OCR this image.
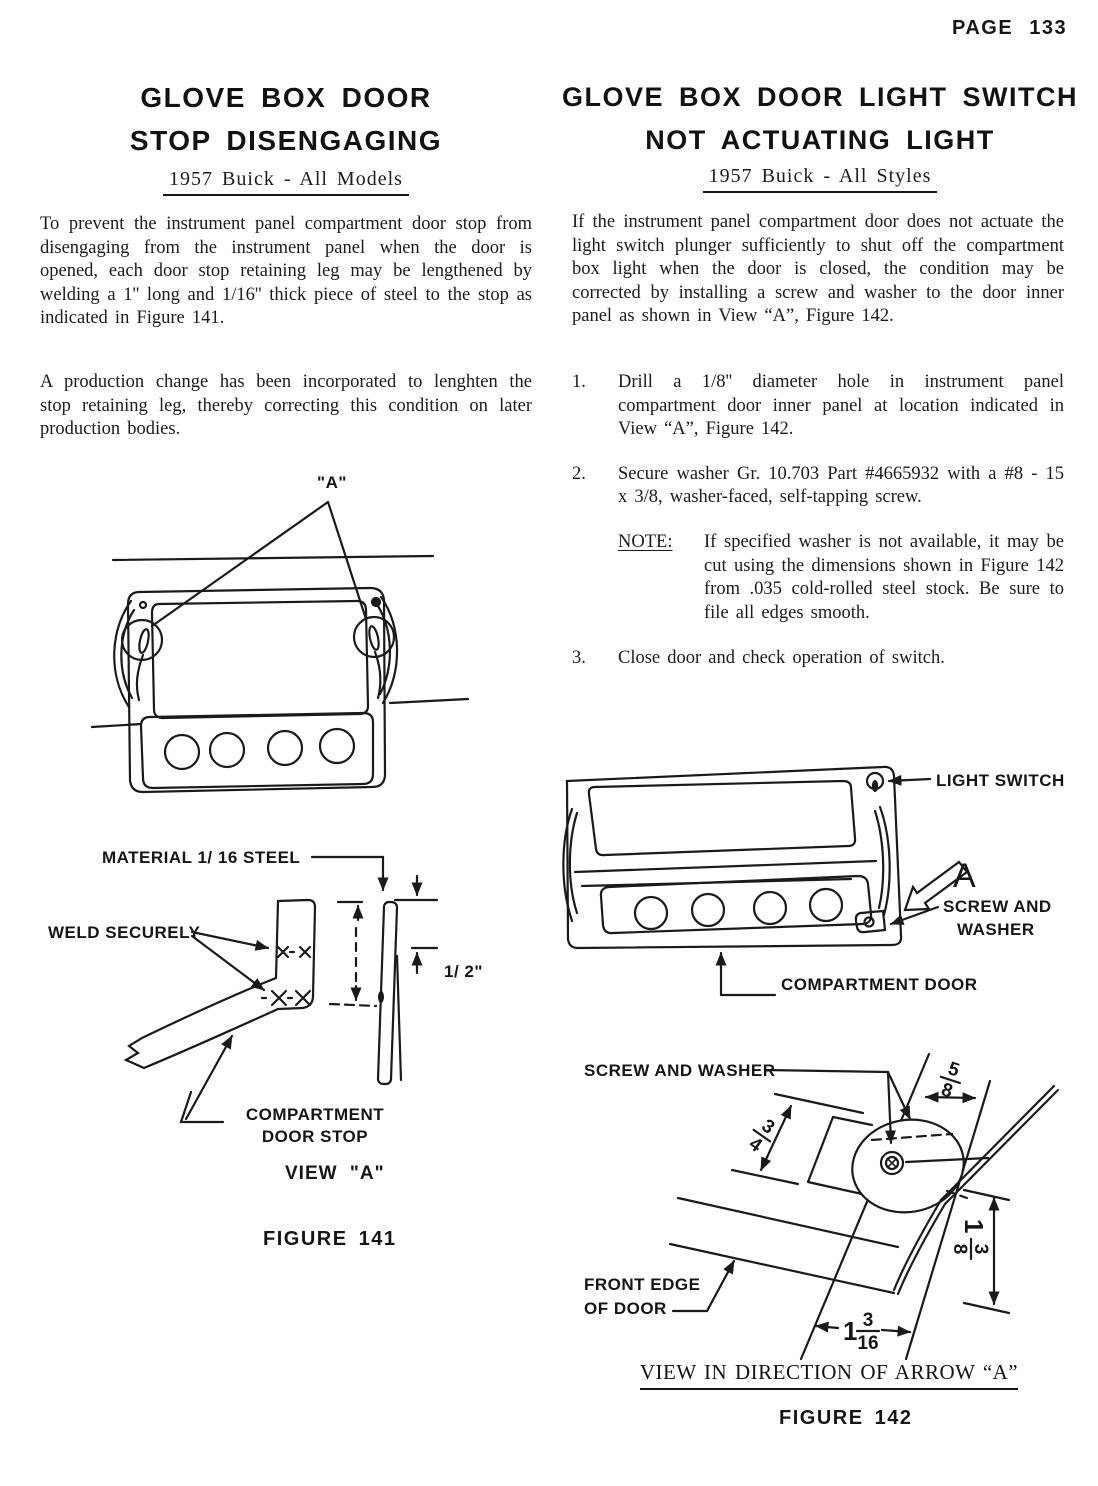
PAGE 133
GLOVE BOX DOOR
STOP DISENGAGING
1957 Buick - All Models
To prevent the instrument panel compartment door stop from disengaging from the instrument panel when the door is opened, each door stop retaining leg may be lengthened by welding a 1'' long and 1/16'' thick piece of steel to the stop as indicated in Figure 141.
A production change has been incorporated to lenghten the stop retaining leg, thereby correcting this condition on later production bodies.
"A"
MATERIAL 1/ 16 STEEL
WELD SECURELY
1/ 2"
COMPARTMENT
DOOR STOP
VIEW "A"
FIGURE 141
GLOVE BOX DOOR LIGHT SWITCH
NOT ACTUATING LIGHT
1957 Buick - All Styles
If the instrument panel compartment door does not actuate the light switch plunger sufficiently to shut off the compartment box light when the door is closed, the condition may be corrected by installing a screw and washer to the door inner panel as shown in View “A”, Figure 142.
1.	Drill a 1/8'' diameter hole in instrument panel compartment door inner panel at location indicated in View “A”, Figure 142.
2.	Secure washer Gr. 10.703 Part #4665932 with a #8 - 15 x 3/8, washer-faced, self-tapping screw.
NOTE:	If specified washer is not available, it may be cut using the dimensions shown in Figure 142 from .035 cold-rolled steel stock. Be sure to file all edges smooth.
3.	Close door and check operation of switch.
LIGHT SWITCH
A
SCREW AND
WASHER
COMPARTMENT DOOR
SCREW AND WASHER
FRONT EDGE
OF DOOR
5
8
3
4
1
3
8
1 3
16
VIEW IN DIRECTION OF ARROW “A”
FIGURE 142
